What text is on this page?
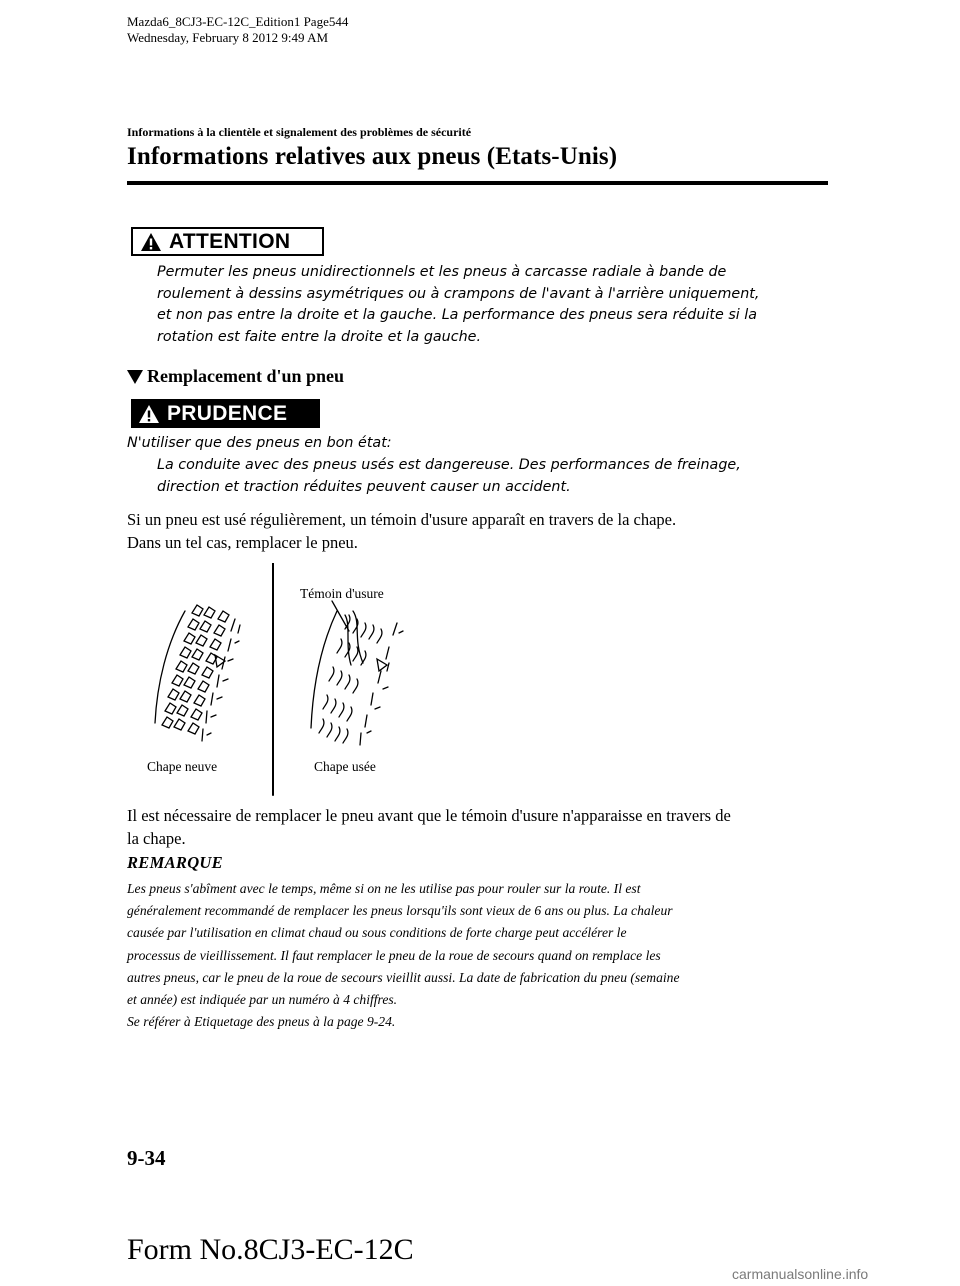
Mazda6_8CJ3-EC-12C_Edition1 Page544
Wednesday, February 8 2012 9:49 AM
Informations à la clientèle et signalement des problèmes de sécurité
Informations relatives aux pneus (Etats-Unis)
ATTENTION
Permuter les pneus unidirectionnels et les pneus à carcasse radiale à bande de
roulement à dessins asymétriques ou à crampons de l'avant à l'arrière uniquement,
et non pas entre la droite et la gauche. La performance des pneus sera réduite si la
rotation est faite entre la droite et la gauche.
Remplacement d'un pneu
PRUDENCE
N'utiliser que des pneus en bon état:
La conduite avec des pneus usés est dangereuse. Des performances de freinage,
direction et traction réduites peuvent causer un accident.
Si un pneu est usé régulièrement, un témoin d'usure apparaît en travers de la chape.
Dans un tel cas, remplacer le pneu.
Témoin d'usure
Chape neuve	Chape usée
Il est nécessaire de remplacer le pneu avant que le témoin d'usure n'apparaisse en travers de
la chape.
REMARQUE
Les pneus s'abîment avec le temps, même si on ne les utilise pas pour rouler sur la route. Il est
généralement recommandé de remplacer les pneus lorsqu'ils sont vieux de 6 ans ou plus. La chaleur
causée par l'utilisation en climat chaud ou sous conditions de forte charge peut accélérer le
processus de vieillissement. Il faut remplacer le pneu de la roue de secours quand on remplace les
autres pneus, car le pneu de la roue de secours vieillit aussi. La date de fabrication du pneu (semaine
et année) est indiquée par un numéro à 4 chiffres.
Se référer à Etiquetage des pneus à la page 9-24.
9-34
Form No.8CJ3-EC-12C
carmanualsonline.info
